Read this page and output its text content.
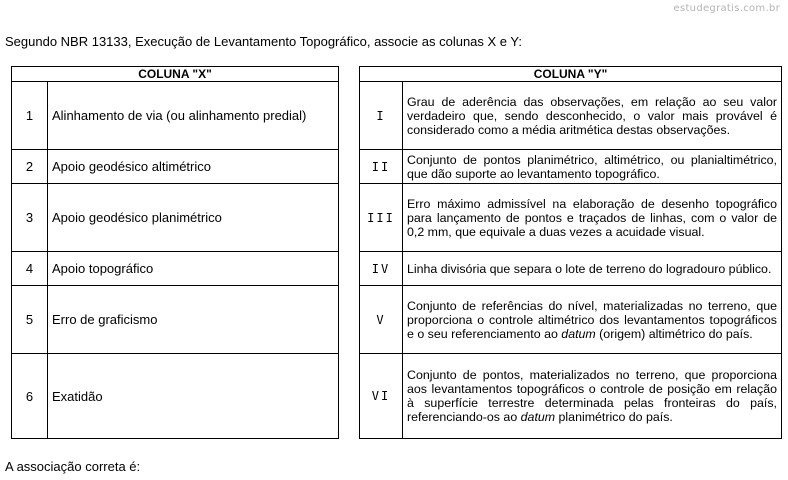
estudegratis.com.br
Segundo NBR 13133, Execução de Levantamento Topográfico, associe as colunas X e Y:
COLUNA "X"	
1	Alinhamento de via (ou alinhamento predial)
2	Apoio geodésico altimétrico
3	Apoio geodésico planimétrico
4	Apoio topográfico
5	Erro de graficismo
6	Exatidão
COLUNA "Y"	
I	Grau de aderência das observações, em relação ao seu valor verdadeiro que, sendo desconhecido, o valor mais provável é considerado como a média aritmética destas observações.
II	Conjunto de pontos planimétrico, altimétrico, ou planialtimétrico, que dão suporte ao levantamento topográfico.
III	Erro máximo admissível na elaboração de desenho topográfico para lançamento de pontos e traçados de linhas, com o valor de 0,2 mm, que equivale a duas vezes a acuidade visual.
IV	Linha divisória que separa o lote de terreno do logradouro público.
V	Conjunto de referências do nível, materializadas no terreno, que proporciona o controle altimétrico dos levantamentos topográficos e o seu referenciamento ao datum (origem) altimétrico do país.
VI	Conjunto de pontos, materializados no terreno, que proporciona aos levantamentos topográficos o controle de posição em relação à superfície terrestre determinada pelas fronteiras do país, referenciando-os ao datum planimétrico do país.
A associação correta é:
